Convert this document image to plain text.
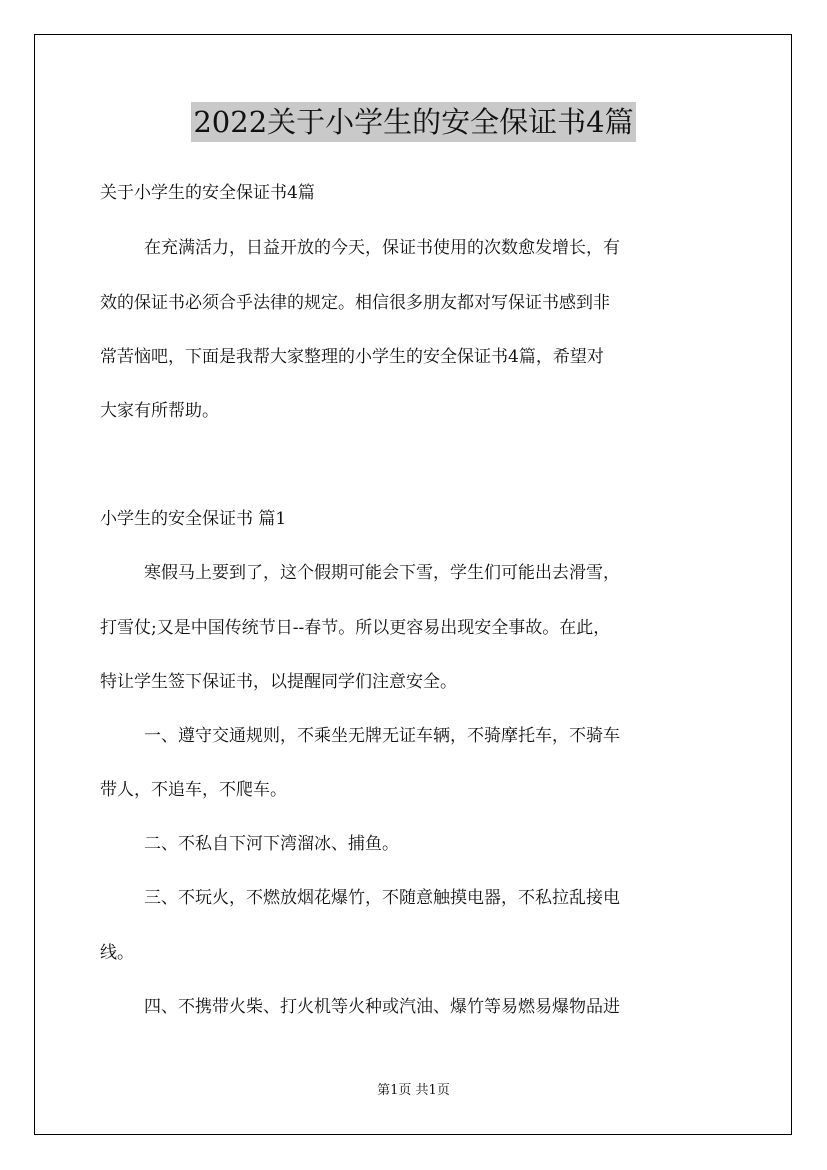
2022关于小学生的安全保证书4篇
关于小学生的安全保证书4篇
在充满活力，日益开放的今天，保证书使用的次数愈发增长，有
效的保证书必须合乎法律的规定。相信很多朋友都对写保证书感到非
常苦恼吧，下面是我帮大家整理的小学生的安全保证书4篇，希望对
大家有所帮助。
小学生的安全保证书 篇1
寒假马上要到了，这个假期可能会下雪，学生们可能出去滑雪，
打雪仗;又是中国传统节日--春节。所以更容易出现安全事故。在此，
特让学生签下保证书，以提醒同学们注意安全。
一、遵守交通规则，不乘坐无牌无证车辆，不骑摩托车，不骑车
带人，不追车，不爬车。
二、不私自下河下湾溜冰、捕鱼。
三、不玩火，不燃放烟花爆竹，不随意触摸电器，不私拉乱接电
线。
四、不携带火柴、打火机等火种或汽油、爆竹等易燃易爆物品进
第1页 共1页
